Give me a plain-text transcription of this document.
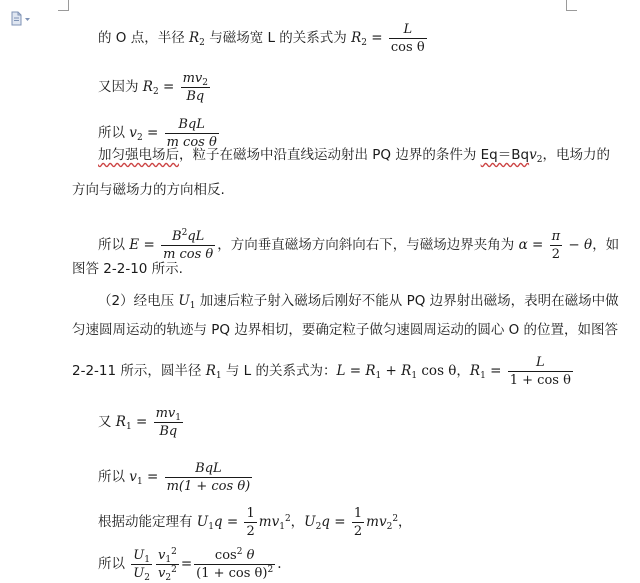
的 O 点，半径 $R_2$ 与磁场宽 L 的关系式为 $R_2 = \frac{L}{\text{cos θ}}$
又因为 $R_2 = \frac{mv_2}{Bq}$
所以 $v_2 = \frac{\text{BqL}}{\text{m cos θ}}$
加匀强电场后，粒子在磁场中沿直线运动射出 PQ 边界的条件为 Eq＝Bqv$_2$，电场力的
方向与磁场力的方向相反.
所以 $E = \frac{B^2qL}{\text{m cos θ}}$ ，方向垂直磁场方向斜向右下，与磁场边界夹角为 $\alpha = \frac{\pi}{2} - \theta$，如
图答 2-2-10 所示.
（2）经电压 $U_1$ 加速后粒子射入磁场后刚好不能从 PQ 边界射出磁场，表明在磁场中做
匀速圆周运动的轨迹与 PQ 边界相切，要确定粒子做匀速圆周运动的圆心 O 的位置，如图答
2-2-11 所示，圆半径 $R_1$ 与 L 的关系式为：$L = R_1 + R_1$ cos θ，$R_1 = \frac{L}{\text{1 + cos θ}}$
又 $R_1 = \frac{mv_1}{Bq}$
所以 $v_1 = \frac{\text{BqL}}{\text{m(1 + cos θ)}}$
根据动能定理有 $U_1q = \frac{1}{2} mv_1^2$，$U_2q = \frac{1}{2} mv_2^2$，
所以 $\frac{U_1}{U_2} \frac{v_1^2}{v_2^2} = \frac{\cos^2 \theta}{(1 + \cos \theta)^2}$ .
